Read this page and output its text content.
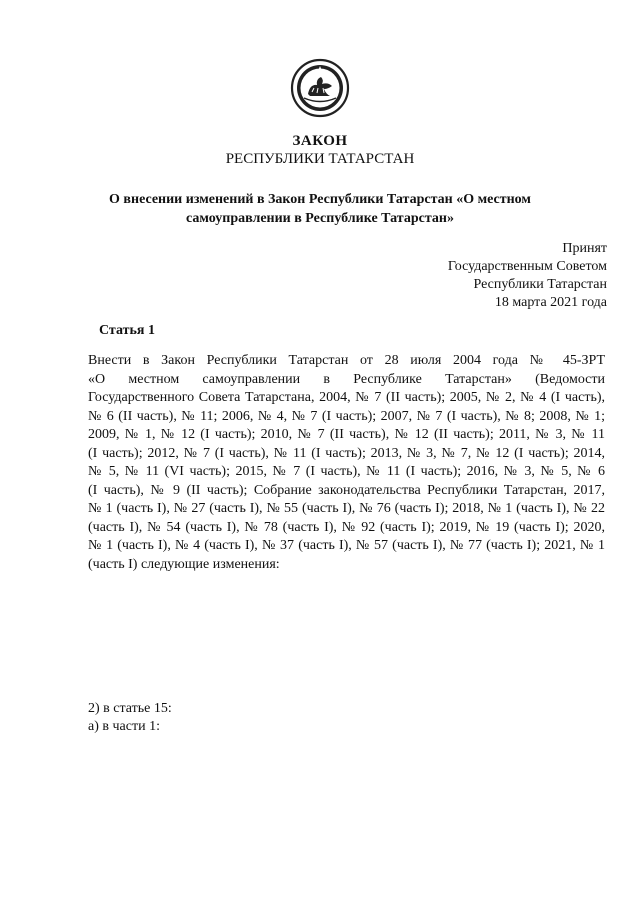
ЗАКОН
РЕСПУБЛИКИ ТАТАРСТАН
О внесении изменений в Закон Республики Татарстан «О местном
самоуправлении в Республике Татарстан»
Принят
Государственным Советом
Республики Татарстан
18 марта 2021 года
Статья 1
Внести в Закон Республики Татарстан от 28 июля 2004 года № 45-ЗРТ
«О местном самоуправлении в Республике Татарстан» (Ведомости
Государственного Совета Татарстана, 2004, № 7 (II часть); 2005, № 2, № 4 (I часть),
№ 6 (II часть), № 11; 2006, № 4, № 7 (I часть); 2007, № 7 (I часть), № 8; 2008, № 1;
2009, № 1, № 12 (I часть); 2010, № 7 (II часть), № 12 (II часть); 2011, № 3, № 11
(I часть); 2012, № 7 (I часть), № 11 (I часть); 2013, № 3, № 7, № 12 (I часть); 2014,
№ 5, № 11 (VI часть); 2015, № 7 (I часть), № 11 (I часть); 2016, № 3, № 5, № 6
(I часть), № 9 (II часть); Собрание законодательства Республики Татарстан, 2017,
№ 1 (часть I), № 27 (часть I), № 55 (часть I), № 76 (часть I); 2018, № 1 (часть I), № 22
(часть I), № 54 (часть I), № 78 (часть I), № 92 (часть I); 2019, № 19 (часть I); 2020,
№ 1 (часть I), № 4 (часть I), № 37 (часть I), № 57 (часть I), № 77 (часть I); 2021, № 1
(часть I) следующие изменения:
2) в статье 15:
а) в части 1:
